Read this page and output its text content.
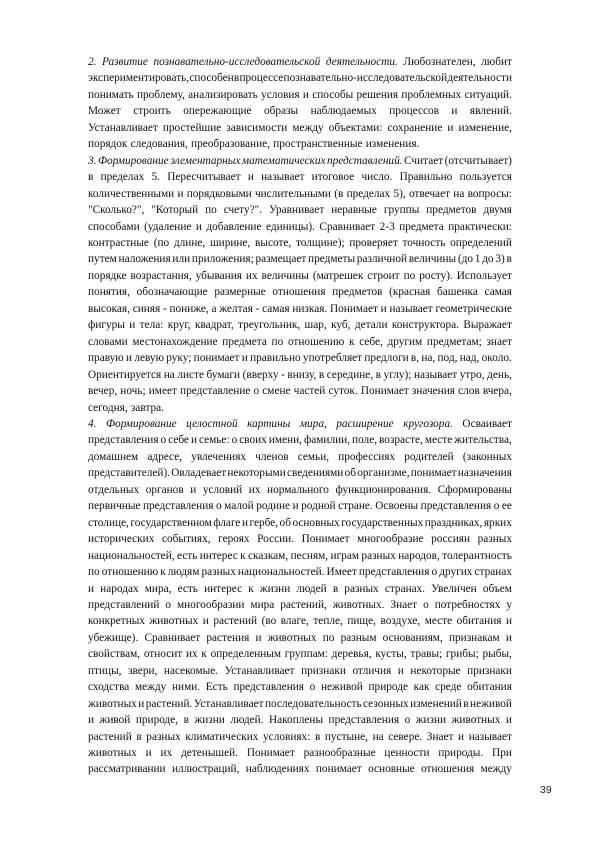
2. Развитие познавательно-исследовательской деятельности. Любознателен, любит
экспериментировать, способен в процессе познавательно-исследовательской деятельности
понимать проблему, анализировать условия и способы решения проблемных ситуаций.
Может строить опережающие образы наблюдаемых процессов и явлений.
Устанавливает простейшие зависимости между объектами: сохранение и изменение,
порядок следования, преобразование, пространственные изменения.
3. Формирование элементарных математических представлений. Считает (отсчитывает)
в пределах 5. Пересчитывает и называет итоговое число. Правильно пользуется
количественными и порядковыми числительными (в пределах 5), отвечает на вопросы:
"Сколько?", "Который по счету?". Уравнивает неравные группы предметов двумя
способами (удаление и добавление единицы). Сравнивает 2-3 предмета практически:
контрастные (по длине, ширине, высоте, толщине); проверяет точность определений
путем наложения или приложения; размещает предметы различной величины (до 1 до 3) в
порядке возрастания, убывания их величины (матрешек строит по росту). Использует
понятия, обозначающие размерные отношения предметов (красная башенка самая
высокая, синяя - пониже, а желтая - самая низкая. Понимает и называет геометрические
фигуры и тела: круг, квадрат, треугольник, шар, куб, детали конструктора. Выражает
словами местонахождение предмета по отношению к себе, другим предметам; знает
правую и левую руку; понимает и правильно употребляет предлоги в, на, под, над, около.
Ориентируется на листе бумаги (вверху - внизу, в середине, в углу); называет утро, день,
вечер, ночь; имеет представление о смене частей суток. Понимает значения слов вчера,
сегодня, завтра.
4. Формирование целостной картины мира, расширение кругозора. Осваивает
представления о себе и семье: о своих имени, фамилии, поле, возрасте, месте жительства,
домашнем адресе, увлечениях членов семьи, профессиях родителей (законных
представителей). Овладевает некоторыми сведениями об организме, понимает назначения
отдельных органов и условий их нормального функционирования. Сформированы
первичные представления о малой родине и родной стране. Освоены представления о ее
столице, государственном флаге и гербе, об основных государственных праздниках, ярких
исторических событиях, героях России. Понимает многообразие россиян разных
национальностей, есть интерес к сказкам, песням, играм разных народов, толерантность
по отношению к людям разных национальностей. Имеет представления о других странах
и народах мира, есть интерес к жизни людей в разных странах. Увеличен объем
представлений о многообразии мира растений, животных. Знает о потребностях у
конкретных животных и растений (во влаге, тепле, пище, воздухе, месте обитания и
убежище). Сравнивает растения и животных по разным основаниям, признакам и
свойствам, относит их к определенным группам: деревья, кусты, травы; грибы; рыбы,
птицы, звери, насекомые. Устанавливает признаки отличия и некоторые признаки
сходства между ними. Есть представления о неживой природе как среде обитания
животных и растений. Устанавливает последовательность сезонных изменений в неживой
и живой природе, в жизни людей. Накоплены представления о жизни животных и
растений в разных климатических условиях: в пустыне, на севере. Знает и называет
животных и их детенышей. Понимает разнообразные ценности природы. При
рассматривании иллюстраций, наблюдениях понимает основные отношения между
39
